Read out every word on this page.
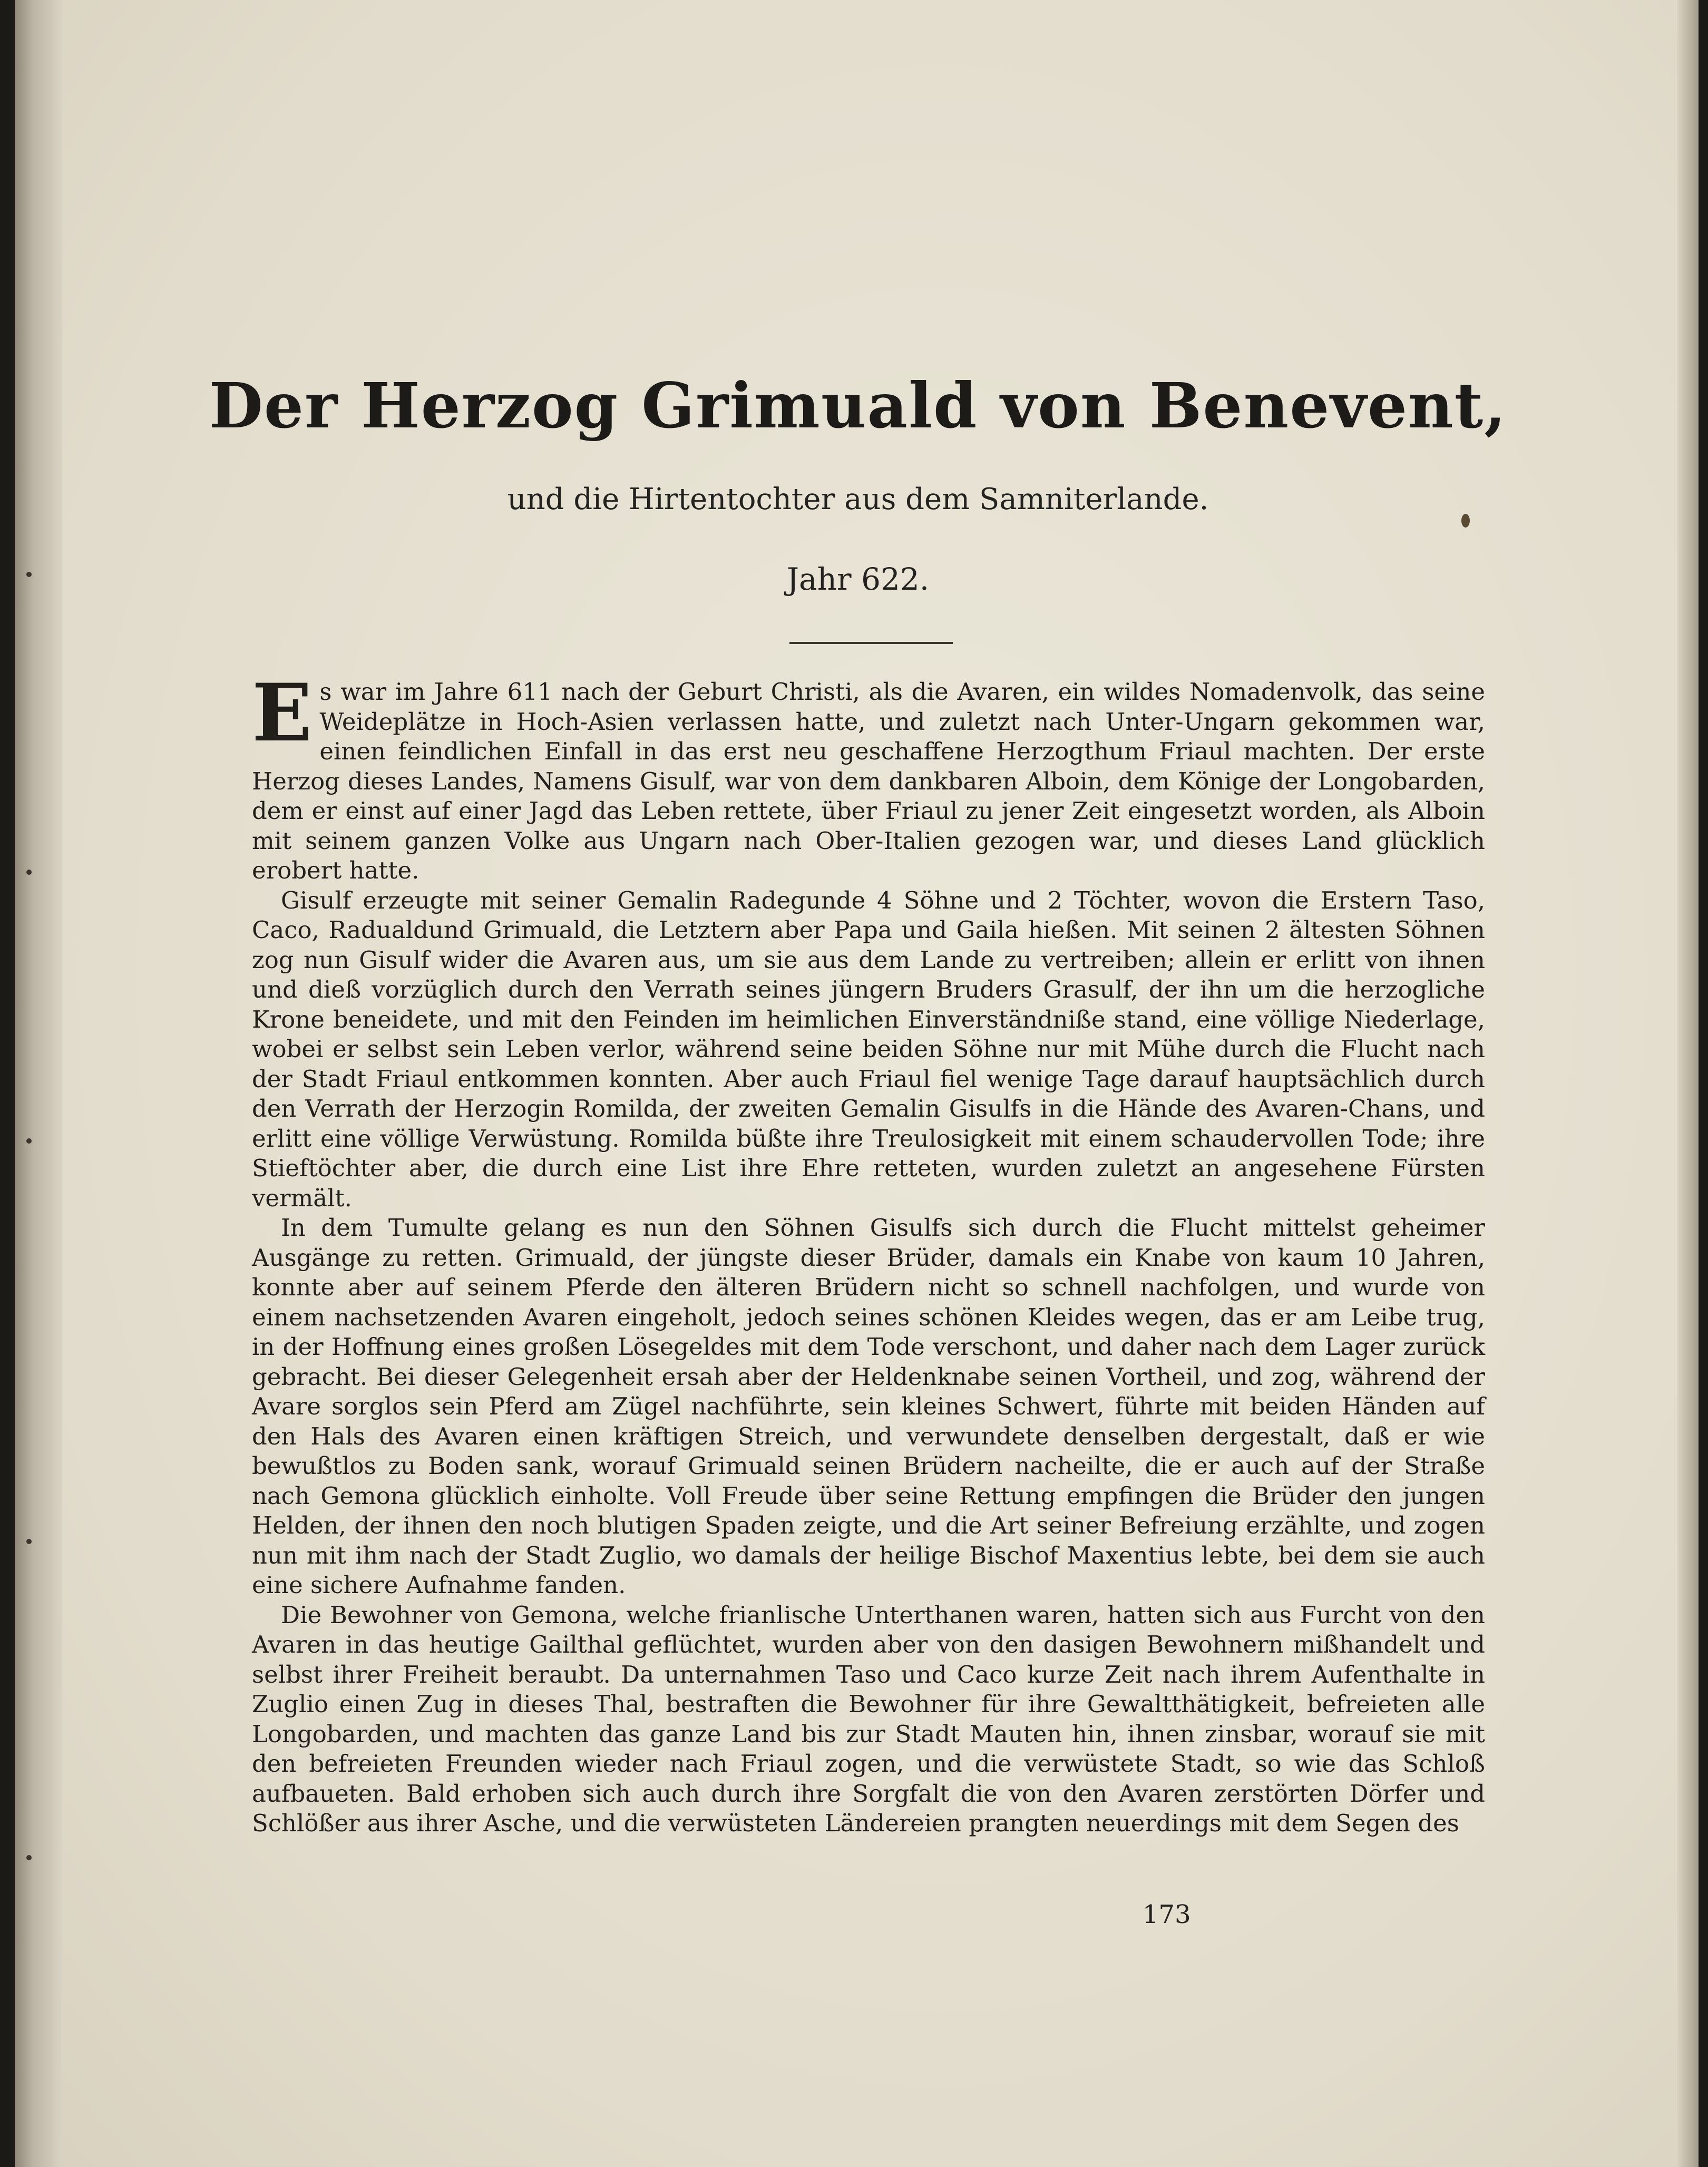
Der Herzog Grimuald von Benevent,
und die Hirtentochter aus dem Samniterlande.
Jahr 622.

Es war im Jahre 611 nach der Geburt Christi, als die Avaren, ein wildes Nomadenvolk, das seine Weideplätze in Hoch-Asien verlassen hatte, und zuletzt nach Unter-Ungarn gekommen war, einen feindlichen Einfall in das erst neu geschaffene Herzogthum Friaul machten. Der erste Herzog dieses Landes, Namens Gisulf, war von dem dankbaren Alboin, dem Könige der Longobarden, dem er einst auf einer Jagd das Leben rettete, über Friaul zu jener Zeit eingesetzt worden, als Alboin mit seinem ganzen Volke aus Ungarn nach Ober-Italien gezogen war, und dieses Land glücklich erobert hatte.

Gisulf erzeugte mit seiner Gemalin Radegunde 4 Söhne und 2 Töchter, wovon die Erstern Taso, Caco, Radualdund Grimuald, die Letztern aber Papa und Gaila hießen. Mit seinen 2 ältesten Söhnen zog nun Gisulf wider die Avaren aus, um sie aus dem Lande zu vertreiben; allein er erlitt von ihnen und dieß vorzüglich durch den Verrath seines jüngern Bruders Grasulf, der ihn um die herzogliche Krone beneidete, und mit den Feinden im heimlichen Einverständniße stand, eine völlige Niederlage, wobei er selbst sein Leben verlor, während seine beiden Söhne nur mit Mühe durch die Flucht nach der Stadt Friaul entkommen konnten. Aber auch Friaul fiel wenige Tage darauf hauptsächlich durch den Verrath der Herzogin Romilda, der zweiten Gemalin Gisulfs in die Hände des Avaren-Chans, und erlitt eine völlige Verwüstung. Romilda büßte ihre Treulosigkeit mit einem schaudervollen Tode; ihre Stieftöchter aber, die durch eine List ihre Ehre retteten, wurden zuletzt an angesehene Fürsten vermält.

In dem Tumulte gelang es nun den Söhnen Gisulfs sich durch die Flucht mittelst geheimer Ausgänge zu retten. Grimuald, der jüngste dieser Brüder, damals ein Knabe von kaum 10 Jahren, konnte aber auf seinem Pferde den älteren Brüdern nicht so schnell nachfolgen, und wurde von einem nachsetzenden Avaren eingeholt, jedoch seines schönen Kleides wegen, das er am Leibe trug, in der Hoffnung eines großen Lösegeldes mit dem Tode verschont, und daher nach dem Lager zurück gebracht. Bei dieser Gelegenheit ersah aber der Heldenknabe seinen Vortheil, und zog, während der Avare sorglos sein Pferd am Zügel nachführte, sein kleines Schwert, führte mit beiden Händen auf den Hals des Avaren einen kräftigen Streich, und verwundete denselben dergestalt, daß er wie bewußtlos zu Boden sank, worauf Grimuald seinen Brüdern nacheilte, die er auch auf der Straße nach Gemona glücklich einholte. Voll Freude über seine Rettung empfingen die Brüder den jungen Helden, der ihnen den noch blutigen Spaden zeigte, und die Art seiner Befreiung erzählte, und zogen nun mit ihm nach der Stadt Zuglio, wo damals der heilige Bischof Maxentius lebte, bei dem sie auch eine sichere Aufnahme fanden.

Die Bewohner von Gemona, welche frianlische Unterthanen waren, hatten sich aus Furcht von den Avaren in das heutige Gailthal geflüchtet, wurden aber von den dasigen Bewohnern mißhandelt und selbst ihrer Freiheit beraubt. Da unternahmen Taso und Caco kurze Zeit nach ihrem Aufenthalte in Zuglio einen Zug in dieses Thal, bestraften die Bewohner für ihre Gewaltthätigkeit, befreieten alle Longobarden, und machten das ganze Land bis zur Stadt Mauten hin, ihnen zinsbar, worauf sie mit den befreieten Freunden wieder nach Friaul zogen, und die verwüstete Stadt, so wie das Schloß aufbaueten. Bald erhoben sich auch durch ihre Sorgfalt die von den Avaren zerstörten Dörfer und Schlößer aus ihrer Asche, und die verwüsteten Ländereien prangten neuerdings mit dem Segen des

173
